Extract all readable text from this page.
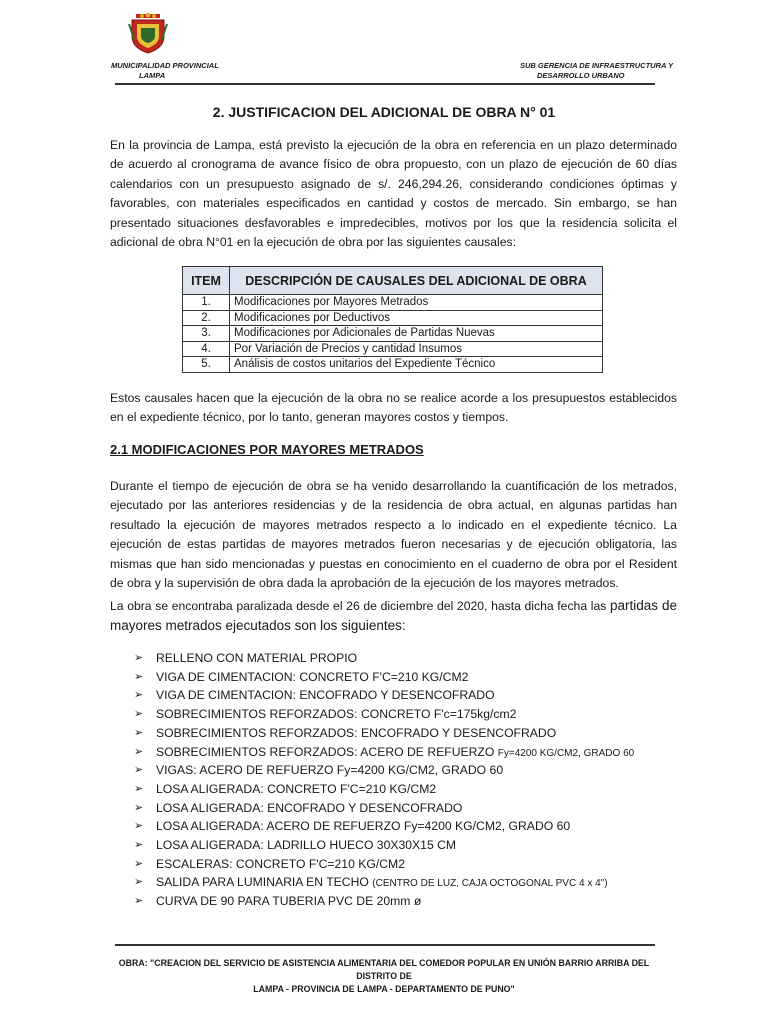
MUNICIPALIDAD PROVINCIAL
LAMPA
SUB GERENCIA DE INFRAESTRUCTURA Y
DESARROLLO URBANO
2. JUSTIFICACION DEL ADICIONAL DE OBRA N° 01
En la provincia de Lampa, está previsto la ejecución de la obra en referencia en un plazo determinado de acuerdo al cronograma de avance físico de obra propuesto, con un plazo de ejecución de 60 días calendarios con un presupuesto asignado de s/. 246,294.26, considerando condiciones óptimas y favorables, con materiales especificados en cantidad y costos de mercado. Sin embargo, se han presentado situaciones desfavorables e impredecibles, motivos por los que la residencia solicita el adicional de obra N°01 en la ejecución de obra por las siguientes causales:
ITEM	DESCRIPCIÓN DE CAUSALES DEL ADICIONAL DE OBRA
1.	Modificaciones por Mayores Metrados
2.	Modificaciones por Deductivos
3.	Modificaciones por Adicionales de Partidas Nuevas
4.	Por Variación de Precios y cantidad Insumos
5.	Análisis de costos unitarios del Expediente Técnico
Estos causales hacen que la ejecución de la obra no se realice acorde a los presupuestos establecidos en el expediente técnico, por lo tanto, generan mayores costos y tiempos.
2.1 MODIFICACIONES POR MAYORES METRADOS
Durante el tiempo de ejecución de obra se ha venido desarrollando la cuantificación de los metrados, ejecutado por las anteriores residencias y de la residencia de obra actual, en algunas partidas han resultado la ejecución de mayores metrados respecto a lo indicado en el expediente técnico. La ejecución de estas partidas de mayores metrados fueron necesarias y de ejecución obligatoria, las mismas que han sido mencionadas y puestas en conocimiento en el cuaderno de obra por el Resident de obra y la supervisión de obra dada la aprobación de la ejecución de los mayores metrados.
La obra se encontraba paralizada desde el 26 de diciembre del 2020, hasta dicha fecha las partidas de mayores metrados ejecutados son los siguientes:
➢ RELLENO CON MATERIAL PROPIO
➢ VIGA DE CIMENTACION: CONCRETO F'C=210 KG/CM2
➢ VIGA DE CIMENTACION: ENCOFRADO Y DESENCOFRADO
➢ SOBRECIMIENTOS REFORZADOS: CONCRETO F'c=175kg/cm2
➢ SOBRECIMIENTOS REFORZADOS: ENCOFRADO Y DESENCOFRADO
➢ SOBRECIMIENTOS REFORZADOS: ACERO DE REFUERZO Fy=4200 KG/CM2, GRADO 60
➢ VIGAS: ACERO DE REFUERZO Fy=4200 KG/CM2, GRADO 60
➢ LOSA ALIGERADA: CONCRETO F'C=210 KG/CM2
➢ LOSA ALIGERADA: ENCOFRADO Y DESENCOFRADO
➢ LOSA ALIGERADA: ACERO DE REFUERZO Fy=4200 KG/CM2, GRADO 60
➢ LOSA ALIGERADA: LADRILLO HUECO 30X30X15 CM
➢ ESCALERAS: CONCRETO F'C=210 KG/CM2
➢ SALIDA PARA LUMINARIA EN TECHO (CENTRO DE LUZ, CAJA OCTOGONAL PVC 4 x 4")
➢ CURVA DE 90 PARA TUBERIA PVC DE 20mm ø
OBRA: "CREACION DEL SERVICIO DE ASISTENCIA ALIMENTARIA DEL COMEDOR POPULAR EN UNIÓN BARRIO ARRIBA DEL DISTRITO DE
LAMPA - PROVINCIA DE LAMPA - DEPARTAMENTO DE PUNO"
